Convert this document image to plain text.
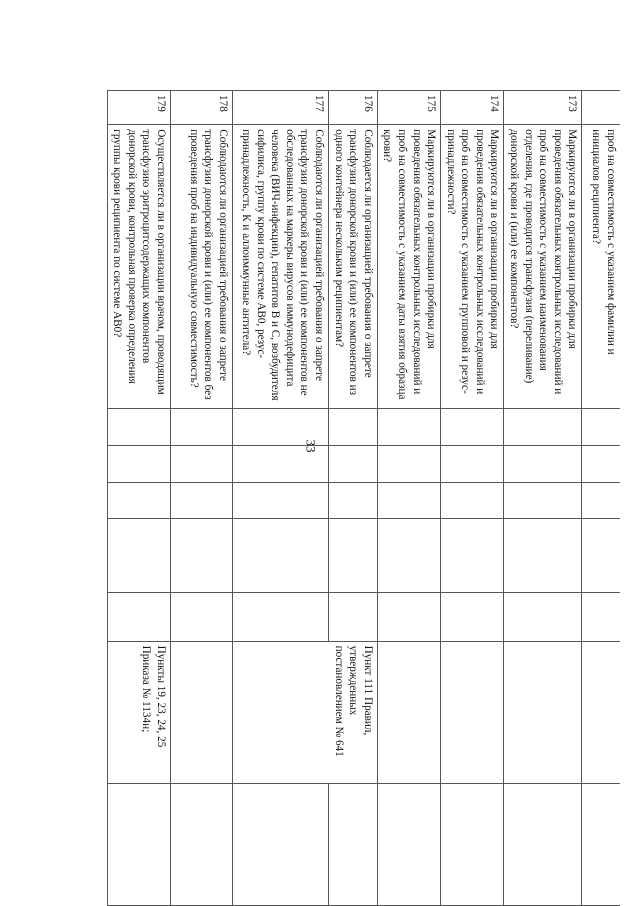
33
	проб на совместимость с указанием фамилии и инициалов реципиента?							
173	Маркируются ли в организации пробирки для проведения обязательных контрольных исследований и проб на совместимость с указанием наименования отделения, где проводится трансфузия (переливание) донорской крови и (или) ее компонентов?							
174	Маркируются ли в организации пробирки для проведения обязательных контрольных исследований и проб на совместимость с указанием групповой и резус-принадлежности?							
175	Маркируются ли в организации пробирки для проведения обязательных контрольных исследований и проб на совместимость с указанием даты взятия образца крови?							
176	Соблюдается ли организацией требования о запрете трансфузии донорской крови и (или) ее компонентов из одного контейнера нескольким реципиентам?						Пункт 111 Правил, утвержденных постановлением № 641	
177	Соблюдаются ли организацией требования о запрете трансфузии донорской крови и (или) ее компонентов не обследованных на маркеры вирусов иммунодефицита человека (ВИЧ-инфекции), гепатитов В и С, возбудителя сифилиса, группу крови по системе АВ0, резус-принадлежность, К и аллоиммунные антитела?							
178	Соблюдаются ли организацией требования о запрете трансфузии донорской крови и (или) ее компонентов без проведения проб на индивидуальную совместимость?							
179	Осуществляется ли в организации врачом, проводящим трансфузию эритроцитсодержащих компонентов донорской крови, контрольная проверка определения группы крови реципиента по системе АВ0?						Пункты 19, 23, 24, 25 Приказа № 1134н;	
